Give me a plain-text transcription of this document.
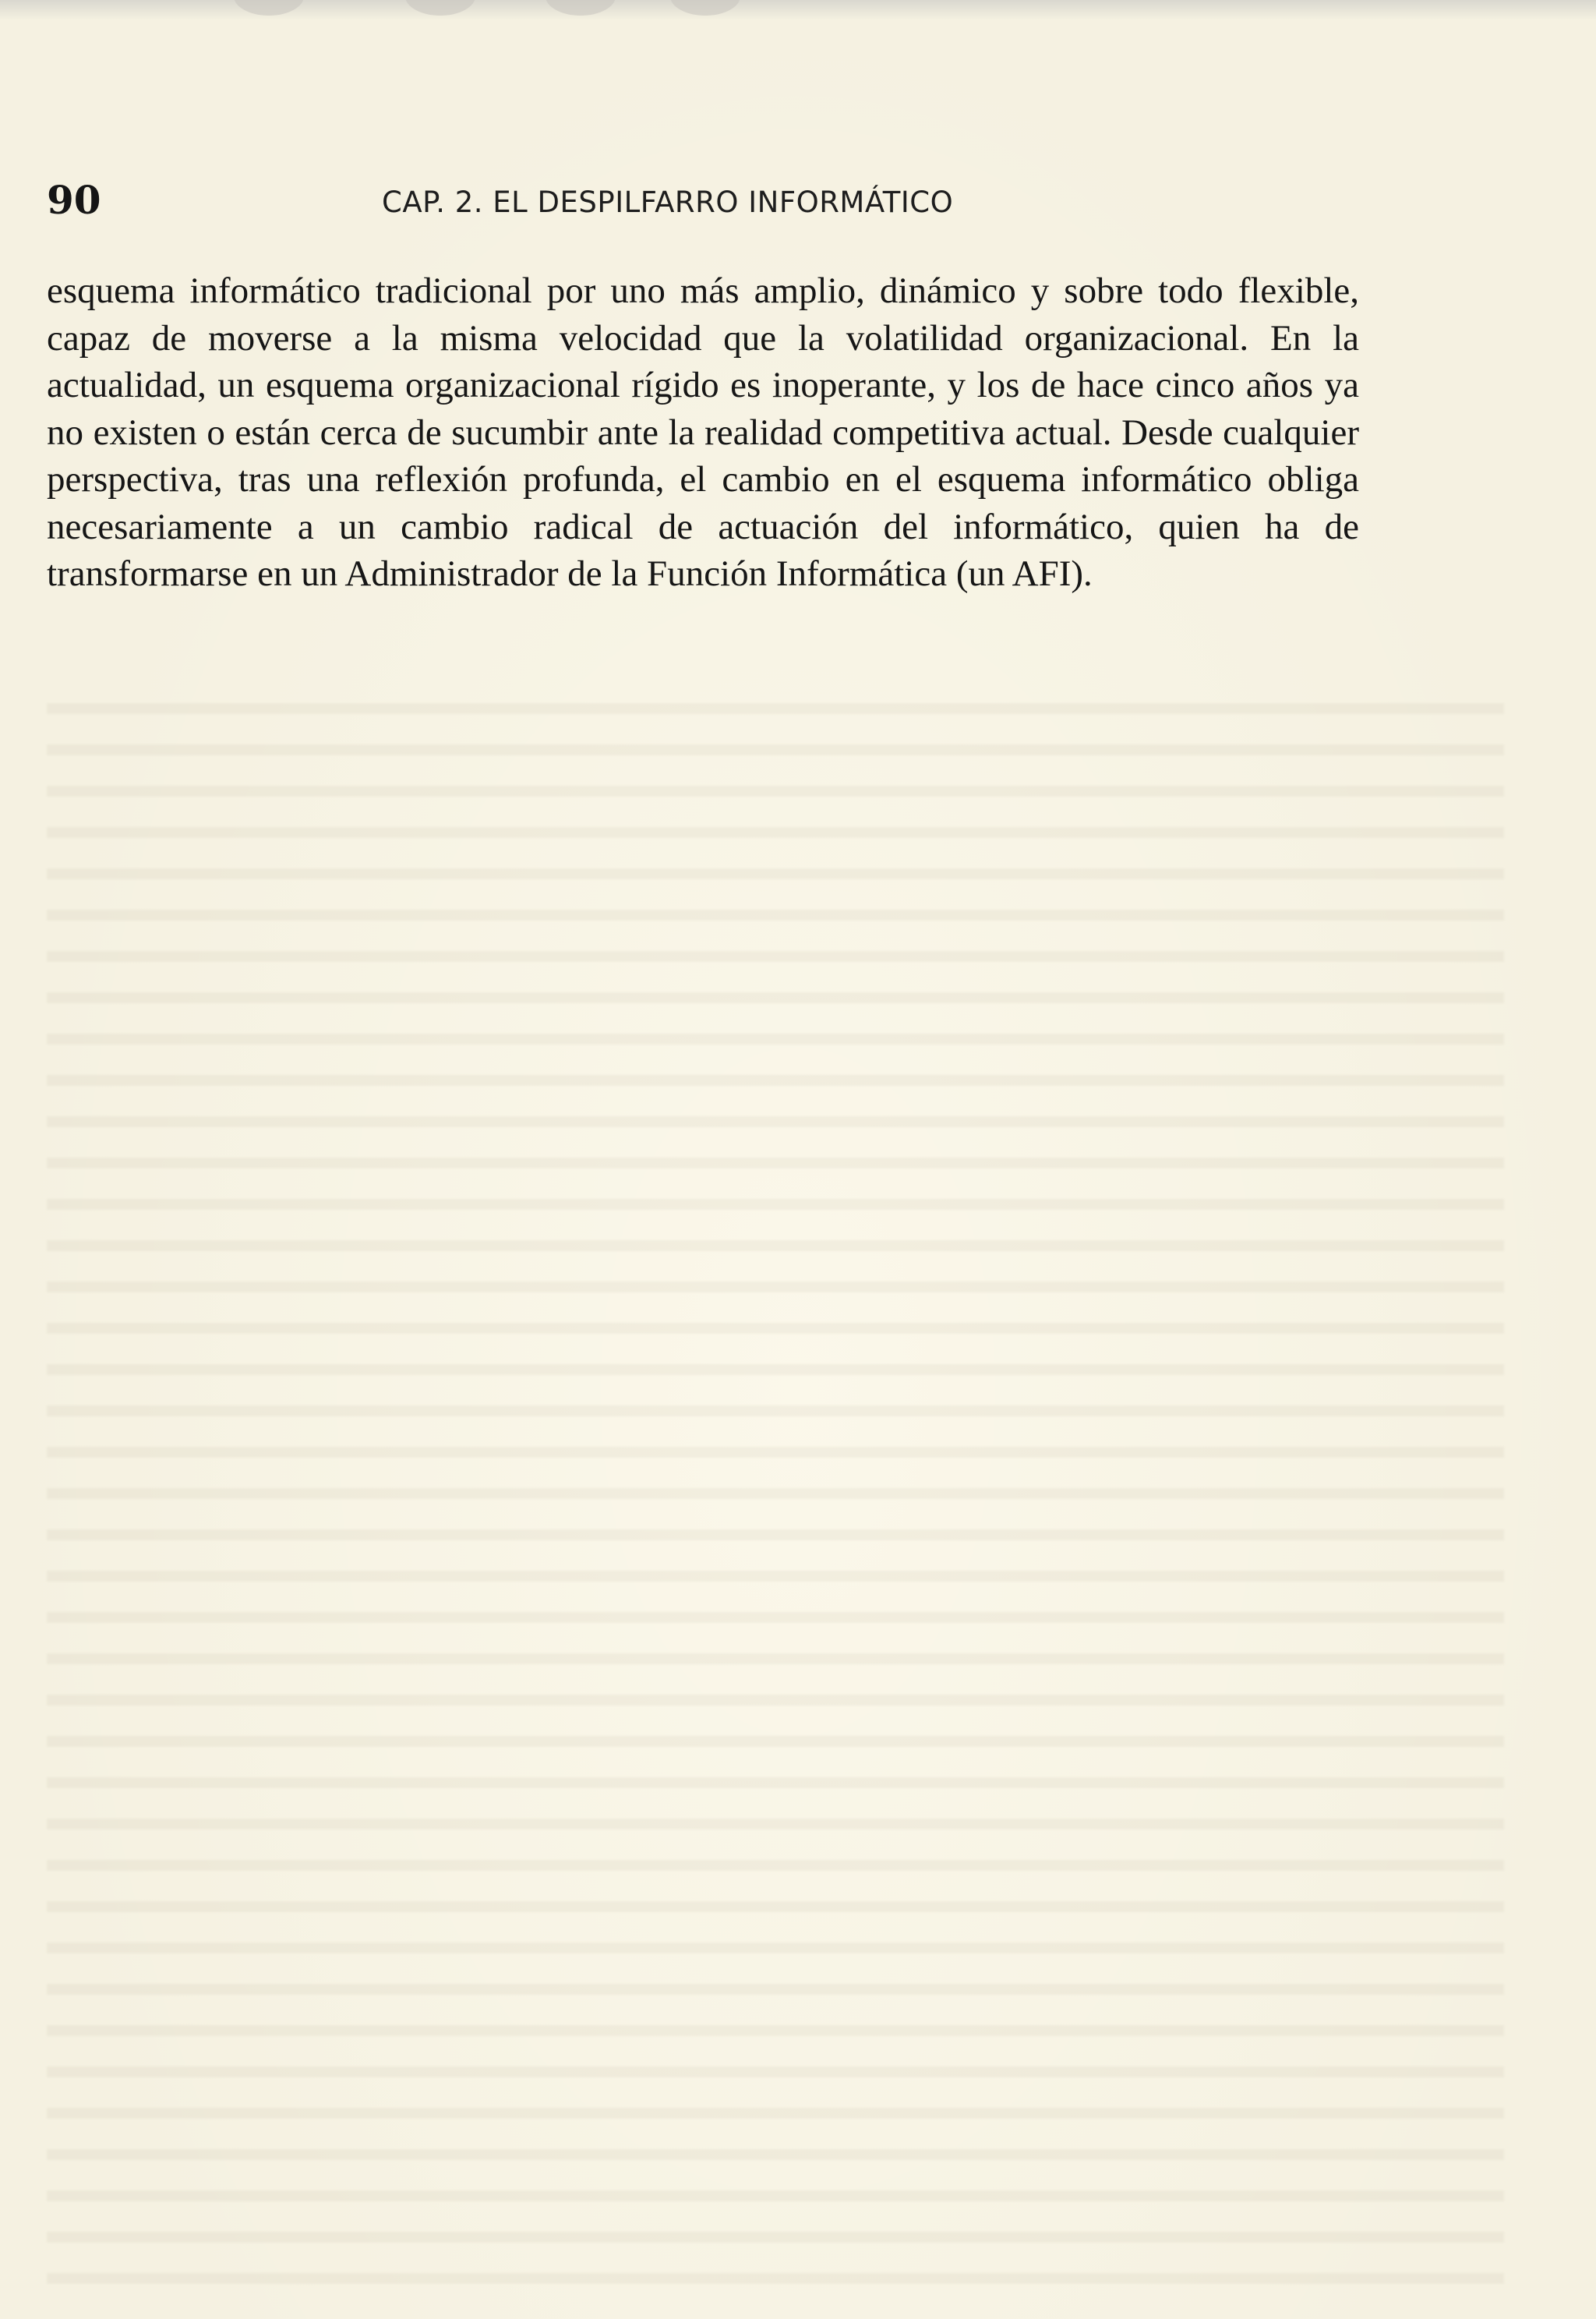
90	CAP. 2. EL DESPILFARRO INFORMÁTICO

esquema informático tradicional por uno más amplio, dinámico y sobre todo flexible, capaz de moverse a la misma velocidad que la volatilidad organizacional. En la actualidad, un esquema organizacional rígido es inoperante, y los de hace cinco años ya no existen o están cerca de sucumbir ante la realidad competitiva actual. Desde cualquier perspectiva, tras una reflexión profunda, el cambio en el esquema informático obliga necesariamente a un cambio radical de actuación del informático, quien ha de transformarse en un Administrador de la Función Informática (un AFI).
